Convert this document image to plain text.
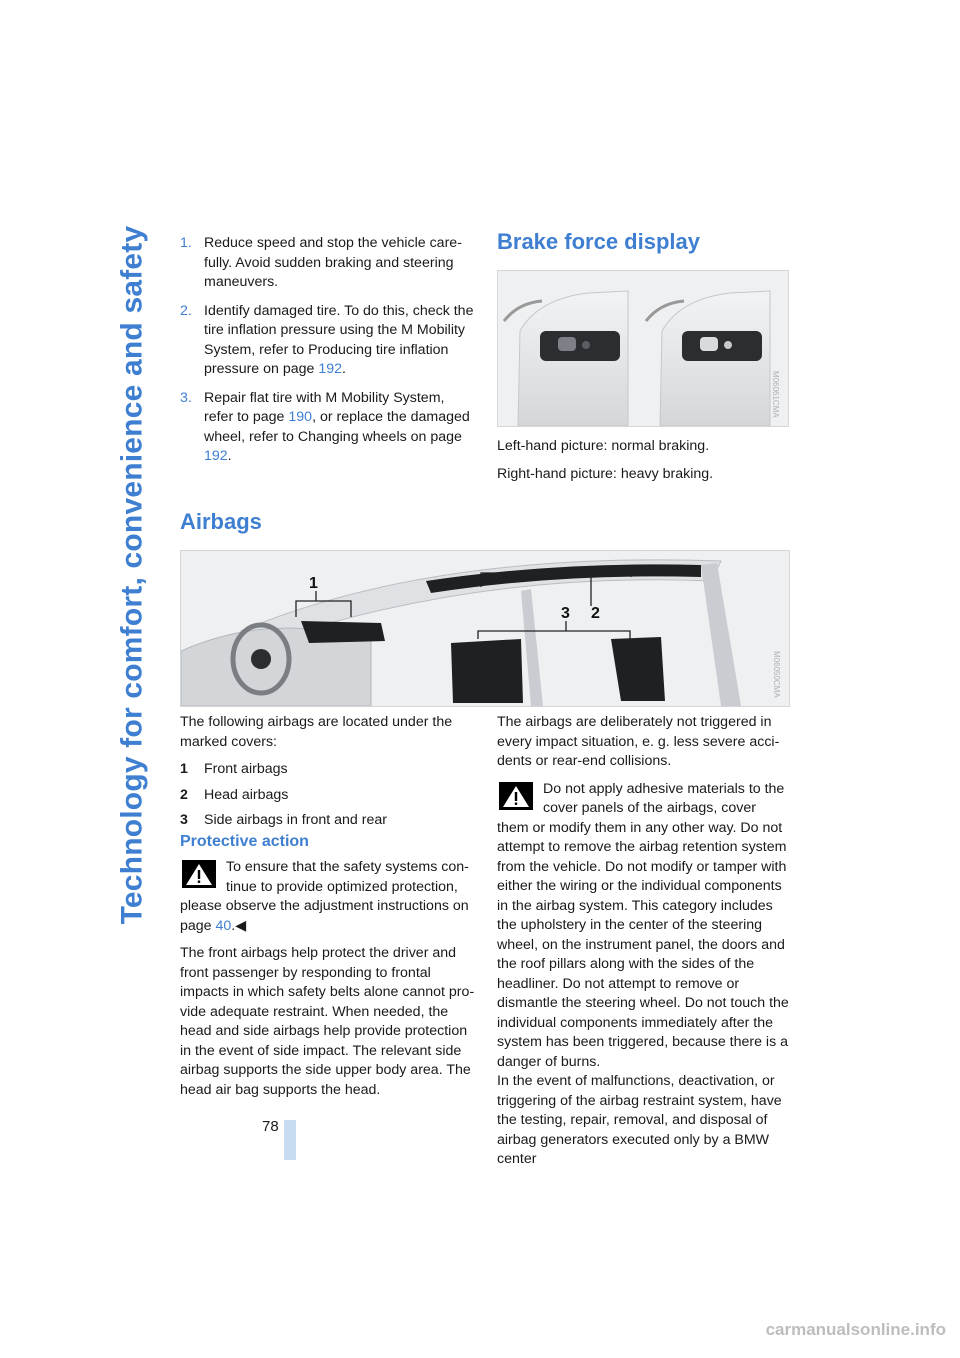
Technology for comfort, convenience and safety 1. Reduce speed and stop the vehicle carefully. Avoid sudden braking and steering maneuvers.
2. Identify damaged tire. To do this, check the tire inflation pressure using the M Mobility System, refer to Producing tire inflation pressure on page 192.
3. Repair flat tire with M Mobility System, refer to page 190, or replace the damaged wheel, refer to Changing wheels on page 192.
Brake force display
M06061CMA

Left-hand picture: normal braking.

Right-hand picture: heavy braking.

Airbags
1
2
3
M06050CMA

The following airbags are located under the marked covers:

1	Front airbags
2	Head airbags
3	Side airbags in front and rear
Protective action

To ensure that the safety systems continue to provide optimized protection, please observe the adjustment instructions on page 40.◀

The front airbags help protect the driver and front passenger by responding to frontal impacts in which safety belts alone cannot provide adequate restraint. When needed, the head and side airbags help provide protection in the event of side impact. The relevant side airbag supports the side upper body area. The head air bag supports the head.

The airbags are deliberately not triggered in every impact situation, e. g. less severe accidents or rear-end collisions.

Do not apply adhesive materials to the cover panels of the airbags, cover them or modify them in any other way. Do not attempt to remove the airbag retention system from the vehicle. Do not modify or tamper with either the wiring or the individual components in the airbag system. This category includes the upholstery in the center of the steering wheel, on the instrument panel, the doors and the roof pillars along with the sides of the headliner. Do not attempt to remove or dismantle the steering wheel. Do not touch the individual components immediately after the system has been triggered, because there is a danger of burns.

In the event of malfunctions, deactivation, or triggering of the airbag restraint system, have the testing, repair, removal, and disposal of airbag generators executed only by a BMW center

78
carmanualsonline.info
